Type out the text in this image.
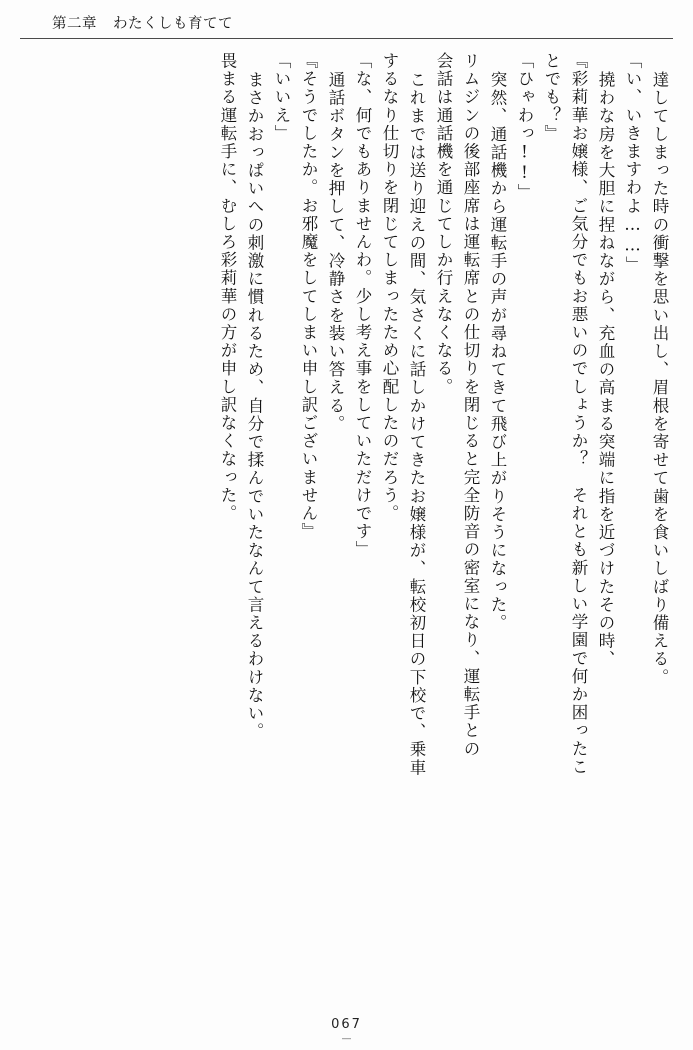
第二章 わたくしも育てて
達してしまった時の衝撃を思い出し、眉根を寄せて歯を食いしばり備える。
「い、いきますわよ……」
撓わな房を大胆に捏ねながら、充血の高まる突端に指を近づけたその時、
『彩莉華お嬢様、ご気分でもお悪いのでしょうか？　それとも新しい学園で何か困ったこ
とでも？』
「ひゃわっ!!」
突然、通話機から運転手の声が尋ねてきて飛び上がりそうになった。
リムジンの後部座席は運転席との仕切りを閉じると完全防音の密室になり、運転手との
会話は通話機を通じてしか行えなくなる。
これまでは送り迎えの間、気さくに話しかけてきたお嬢様が、転校初日の下校で、乗車
するなり仕切りを閉じてしまったため心配したのだろう。
「な、何でもありませんわ。少し考え事をしていただけです」
通話ボタンを押して、冷静さを装い答える。
『そうでしたか。お邪魔をしてしまい申し訳ございません』
「いいえ」
まさかおっぱいへの刺激に慣れるため、自分で揉んでいたなんて言えるわけない。
畏まる運転手に、むしろ彩莉華の方が申し訳なくなった。
067
―
